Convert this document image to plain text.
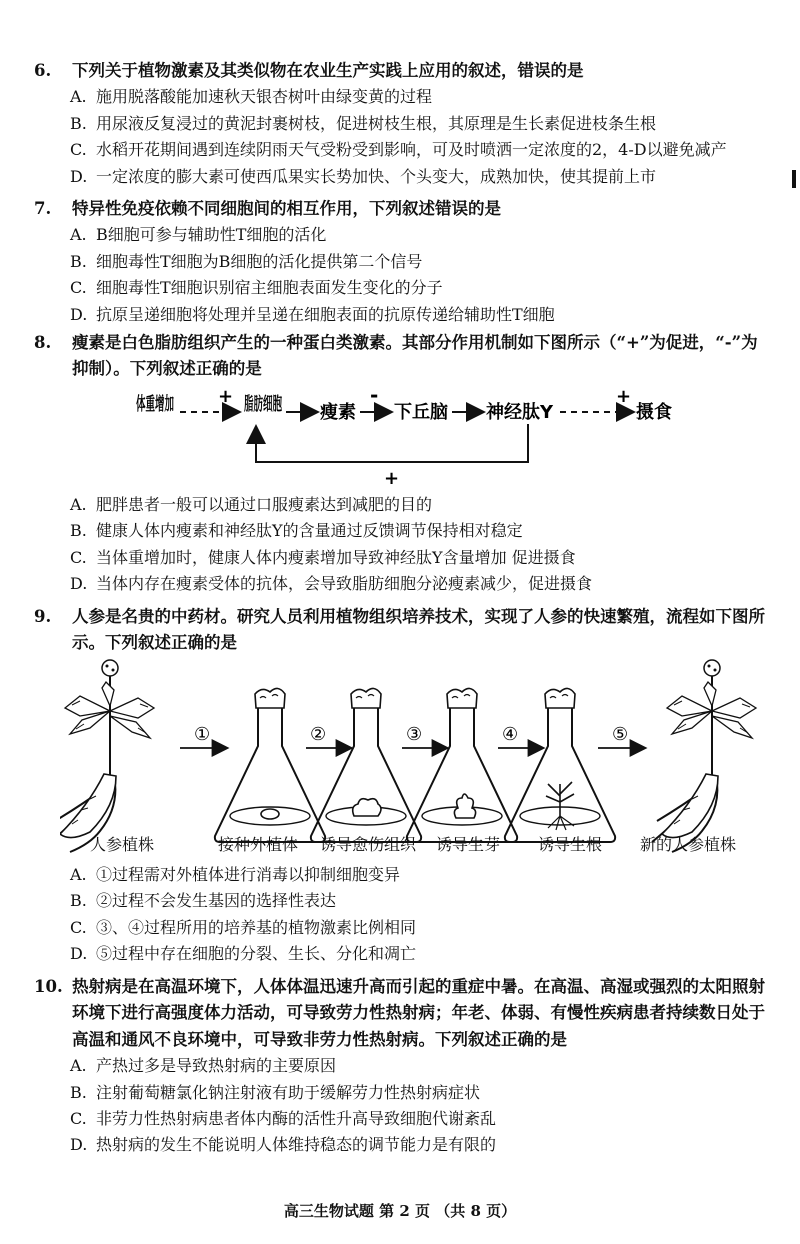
6.	下列关于植物激素及其类似物在农业生产实践上应用的叙述，错误的是
A. 施用脱落酸能加速秋天银杏树叶由绿变黄的过程
B. 用尿液反复浸过的黄泥封裹树枝，促进树枝生根，其原理是生长素促进枝条生根
C. 水稻开花期间遇到连续阴雨天气受粉受到影响，可及时喷洒一定浓度的2，4-D以避免减产
D. 一定浓度的膨大素可使西瓜果实长势加快、个头变大，成熟加快，使其提前上市
7.	特异性免疫依赖不同细胞间的相互作用，下列叙述错误的是
A. B细胞可参与辅助性T细胞的活化
B. 细胞毒性T细胞为B细胞的活化提供第二个信号
C. 细胞毒性T细胞识别宿主细胞表面发生变化的分子
D. 抗原呈递细胞将处理并呈递在细胞表面的抗原传递给辅助性T细胞
8.	瘦素是白色脂肪组织产生的一种蛋白类激素。其部分作用机制如下图所示（“+”为促进，“-”为抑制）。下列叙述正确的是
体重增加 + 脂肪细胞 瘦素
-
下丘脑 神经肽Y
+
摄食
+
A. 肥胖患者一般可以通过口服瘦素达到减肥的目的
B. 健康人体内瘦素和神经肽Y的含量通过反馈调节保持相对稳定
C. 当体重增加时，健康人体内瘦素增加导致神经肽Y含量增加 促进摄食
D. 当体内存在瘦素受体的抗体，会导致脂肪细胞分泌瘦素减少，促进摄食
9.	人参是名贵的中药材。研究人员利用植物组织培养技术，实现了人参的快速繁殖，流程如下图所示。下列叙述正确的是
①	②	③	④	⑤
人参植株	接种外植体 诱导愈伤组织 诱导生芽 诱导生根 新的人参植株
A. ①过程需对外植体进行消毒以抑制细胞变异
B. ②过程不会发生基因的选择性表达
C. ③、④过程所用的培养基的植物激素比例相同
D. ⑤过程中存在细胞的分裂、生长、分化和凋亡
10. 热射病是在高温环境下，人体体温迅速升高而引起的重症中暑。在高温、高湿或强烈的太阳照射环境下进行高强度体力活动，可导致劳力性热射病；年老、体弱、有慢性疾病患者持续数日处于高温和通风不良环境中，可导致非劳力性热射病。下列叙述正确的是
A. 产热过多是导致热射病的主要原因
B. 注射葡萄糖氯化钠注射液有助于缓解劳力性热射病症状
C. 非劳力性热射病患者体内酶的活性升高导致细胞代谢紊乱
D. 热射病的发生不能说明人体维持稳态的调节能力是有限的
高三生物试题 第 2 页 （共 8 页）
